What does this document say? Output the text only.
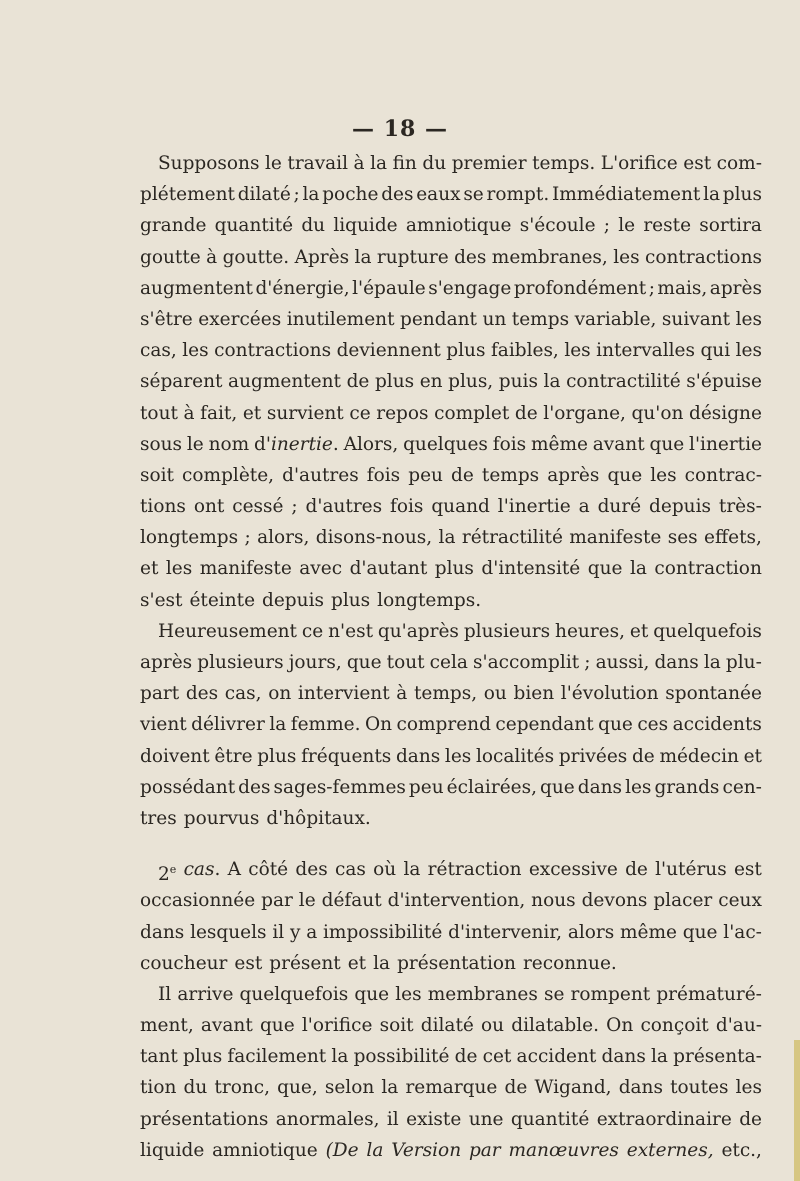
— 18 —
Supposons le travail à la fin du premier temps. L'orifice est com-
plétement dilaté ; la poche des eaux se rompt. Immédiatement la plus
grande quantité du liquide amniotique s'écoule ; le reste sortira
goutte à goutte. Après la rupture des membranes, les contractions
augmentent d'énergie, l'épaule s'engage profondément ; mais, après
s'être exercées inutilement pendant un temps variable, suivant les
cas, les contractions deviennent plus faibles, les intervalles qui les
séparent augmentent de plus en plus, puis la contractilité s'épuise
tout à fait, et survient ce repos complet de l'organe, qu'on désigne
sous le nom d'inertie. Alors, quelques fois même avant que l'inertie
soit complète, d'autres fois peu de temps après que les contrac-
tions ont cessé ; d'autres fois quand l'inertie a duré depuis très-
longtemps ; alors, disons-nous, la rétractilité manifeste ses effets,
et les manifeste avec d'autant plus d'intensité que la contraction
s'est éteinte depuis plus longtemps.
Heureusement ce n'est qu'après plusieurs heures, et quelquefois
après plusieurs jours, que tout cela s'accomplit ; aussi, dans la plu-
part des cas, on intervient à temps, ou bien l'évolution spontanée
vient délivrer la femme. On comprend cependant que ces accidents
doivent être plus fréquents dans les localités privées de médecin et
possédant des sages-femmes peu éclairées, que dans les grands cen-
tres pourvus d'hôpitaux.
2e cas. A côté des cas où la rétraction excessive de l'utérus est
occasionnée par le défaut d'intervention, nous devons placer ceux
dans lesquels il y a impossibilité d'intervenir, alors même que l'ac-
coucheur est présent et la présentation reconnue.
Il arrive quelquefois que les membranes se rompent prématuré-
ment, avant que l'orifice soit dilaté ou dilatable. On conçoit d'au-
tant plus facilement la possibilité de cet accident dans la présenta-
tion du tronc, que, selon la remarque de Wigand, dans toutes les
présentations anormales, il existe une quantité extraordinaire de
liquide amniotique (De la Version par manœuvres externes, etc.,
